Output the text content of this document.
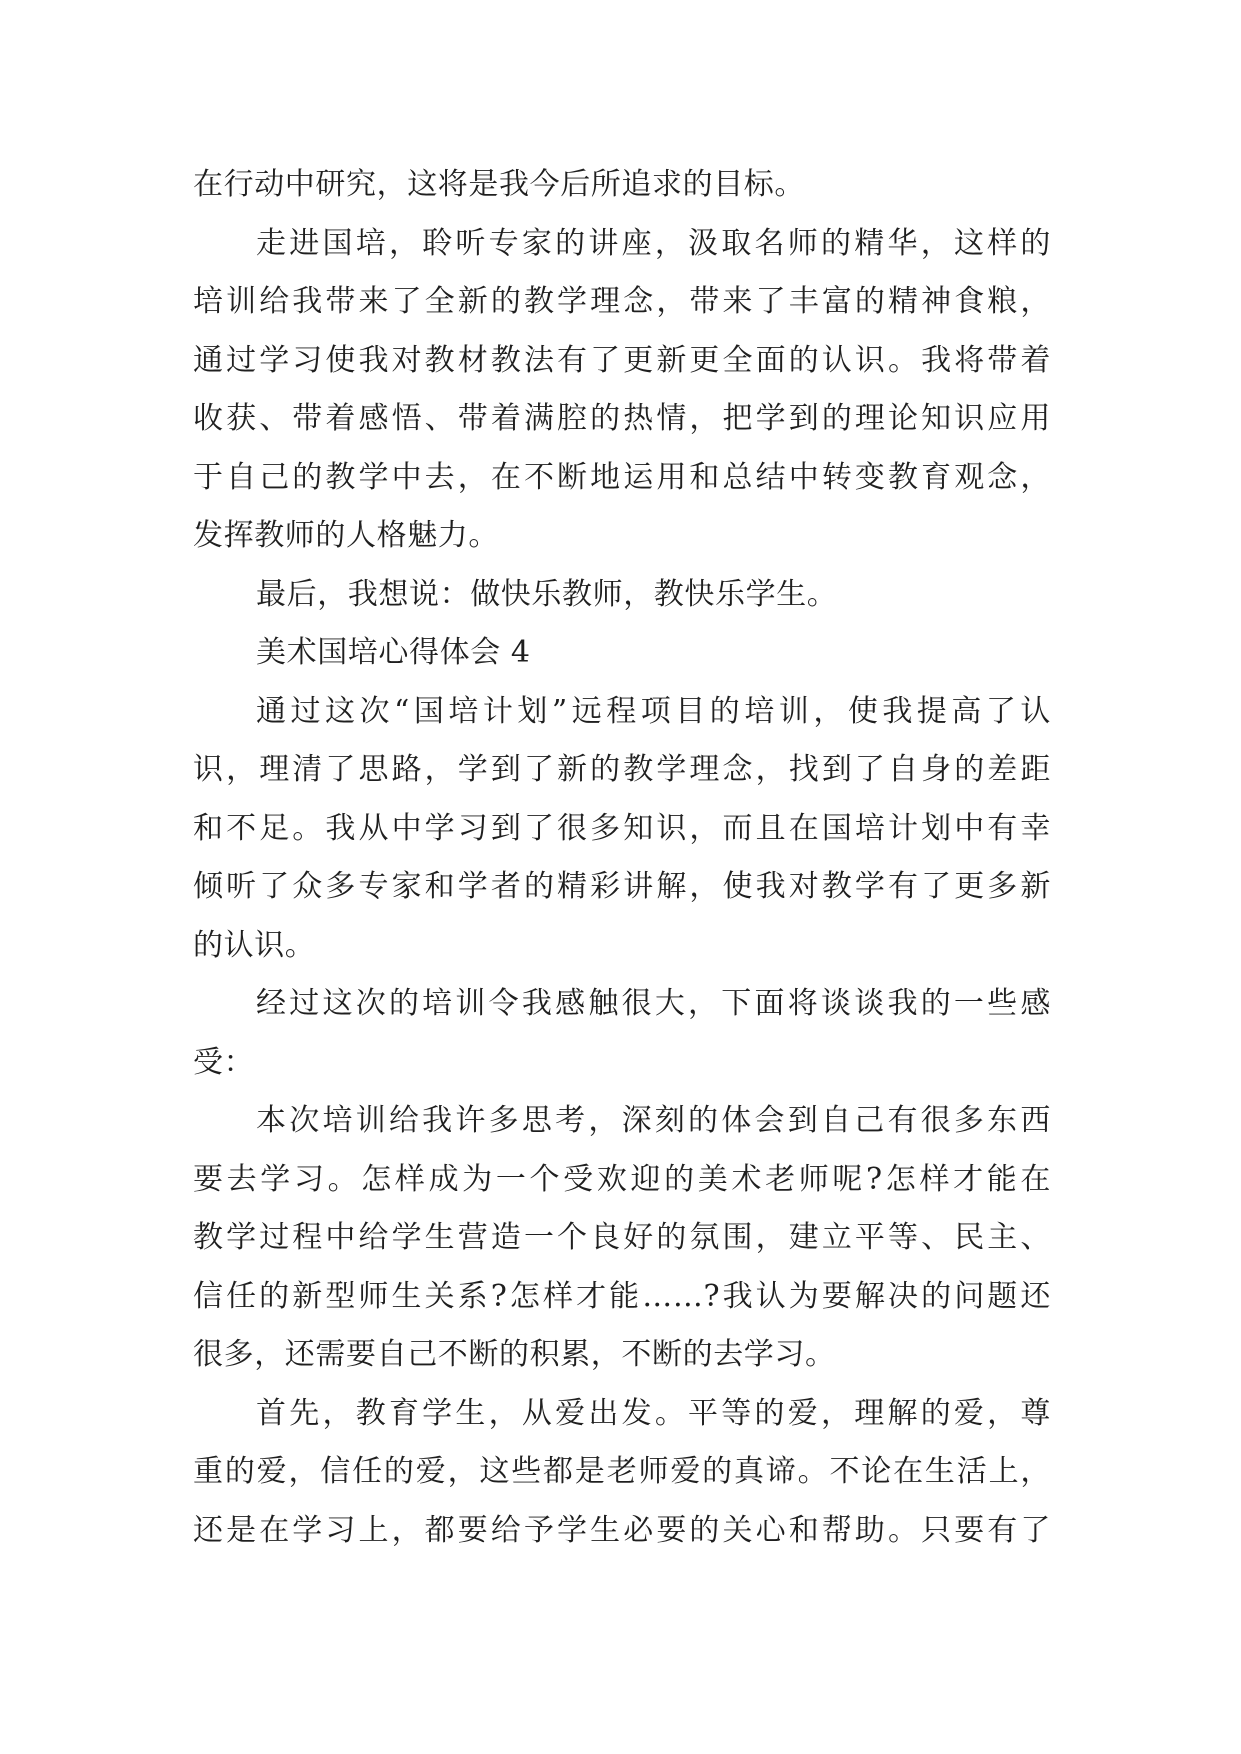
在行动中研究，这将是我今后所追求的目标。
走进国培，聆听专家的讲座，汲取名师的精华，这样的
培训给我带来了全新的教学理念，带来了丰富的精神食粮，
通过学习使我对教材教法有了更新更全面的认识。我将带着
收获、带着感悟、带着满腔的热情，把学到的理论知识应用
于自己的教学中去，在不断地运用和总结中转变教育观念，
发挥教师的人格魅力。
最后，我想说：做快乐教师，教快乐学生。
美术国培心得体会 4
通过这次“国培计划”远程项目的培训，使我提高了认
识，理清了思路，学到了新的教学理念，找到了自身的差距
和不足。我从中学习到了很多知识，而且在国培计划中有幸
倾听了众多专家和学者的精彩讲解，使我对教学有了更多新
的认识。
经过这次的培训令我感触很大，下面将谈谈我的一些感
受：
本次培训给我许多思考，深刻的体会到自己有很多东西
要去学习。怎样成为一个受欢迎的美术老师呢?怎样才能在
教学过程中给学生营造一个良好的氛围，建立平等、民主、
信任的新型师生关系?怎样才能……?我认为要解决的问题还
很多，还需要自己不断的积累，不断的去学习。
首先，教育学生，从爱出发。平等的爱，理解的爱，尊
重的爱，信任的爱，这些都是老师爱的真谛。不论在生活上，
还是在学习上，都要给予学生必要的关心和帮助。只要有了
